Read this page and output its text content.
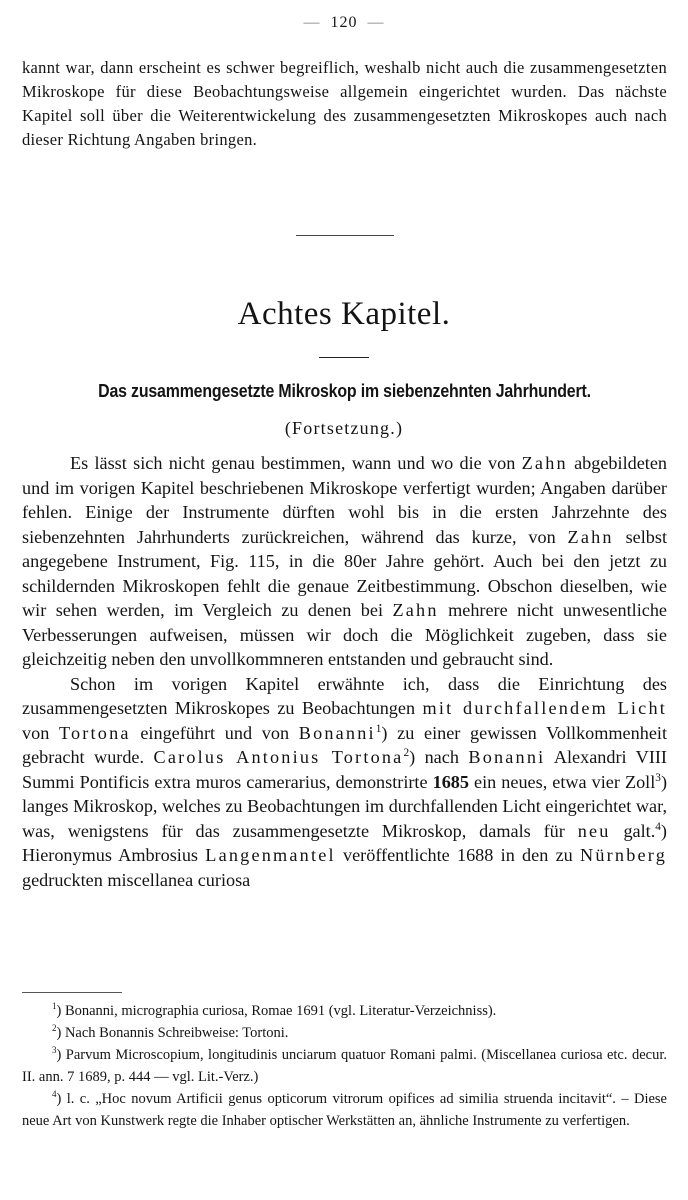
— 120 —

kannt war, dann erscheint es schwer begreiflich, weshalb nicht auch die zusammengesetzten Mikroskope für diese Beobachtungsweise allgemein eingerichtet wurden. Das nächste Kapitel soll über die Weiterentwickelung des zusammengesetzten Mikroskopes auch nach dieser Richtung Angaben bringen.

Achtes Kapitel.
Das zusammengesetzte Mikroskop im siebenzehnten Jahrhundert.

(Fortsetzung.)

Es lässt sich nicht genau bestimmen, wann und wo die von Zahn abgebildeten und im vorigen Kapitel beschriebenen Mikroskope verfertigt wurden; Angaben darüber fehlen. Einige der Instrumente dürften wohl bis in die ersten Jahrzehnte des siebenzehnten Jahrhunderts zurückreichen, während das kurze, von Zahn selbst angegebene Instrument, Fig. 115, in die 80er Jahre gehört. Auch bei den jetzt zu schildernden Mikroskopen fehlt die genaue Zeitbestimmung. Obschon dieselben, wie wir sehen werden, im Vergleich zu denen bei Zahn mehrere nicht unwesentliche Verbesserungen aufweisen, müssen wir doch die Möglichkeit zugeben, dass sie gleichzeitig neben den unvollkommneren entstanden und gebraucht sind.

Schon im vorigen Kapitel erwähnte ich, dass die Einrichtung des zusammengesetzten Mikroskopes zu Beobachtungen mit durchfallendem Licht von Tortona eingeführt und von Bonanni$^1$) zu einer gewissen Vollkommenheit gebracht wurde. Carolus Antonius Tortona$^2$) nach Bonanni Alexandri VIII Summi Pontificis extra muros camerarius, demonstrirte 1685 ein neues, etwa vier Zoll$^3$) langes Mikroskop, welches zu Beobachtungen im durchfallenden Licht eingerichtet war, was, wenigstens für das zusammengesetzte Mikroskop, damals für neu galt.$^4$) Hieronymus Ambrosius Langenmantel veröffentlichte 1688 in den zu Nürnberg gedruckten miscellanea curiosa

$^1$) Bonanni, micrographia curiosa, Romae 1691 (vgl. Literatur-Verzeichniss).

$^2$) Nach Bonannis Schreibweise: Tortoni.

$^3$) Parvum Microscopium, longitudinis unciarum quatuor Romani palmi. (Miscellanea curiosa etc. decur. II. ann. 7 1689, p. 444 — vgl. Lit.-Verz.)

$^4$) l. c. „Hoc novum Artificii genus opticorum vitrorum opifices ad similia struenda incitavit“. – Diese neue Art von Kunstwerk regte die Inhaber optischer Werkstätten an, ähnliche Instrumente zu verfertigen.
